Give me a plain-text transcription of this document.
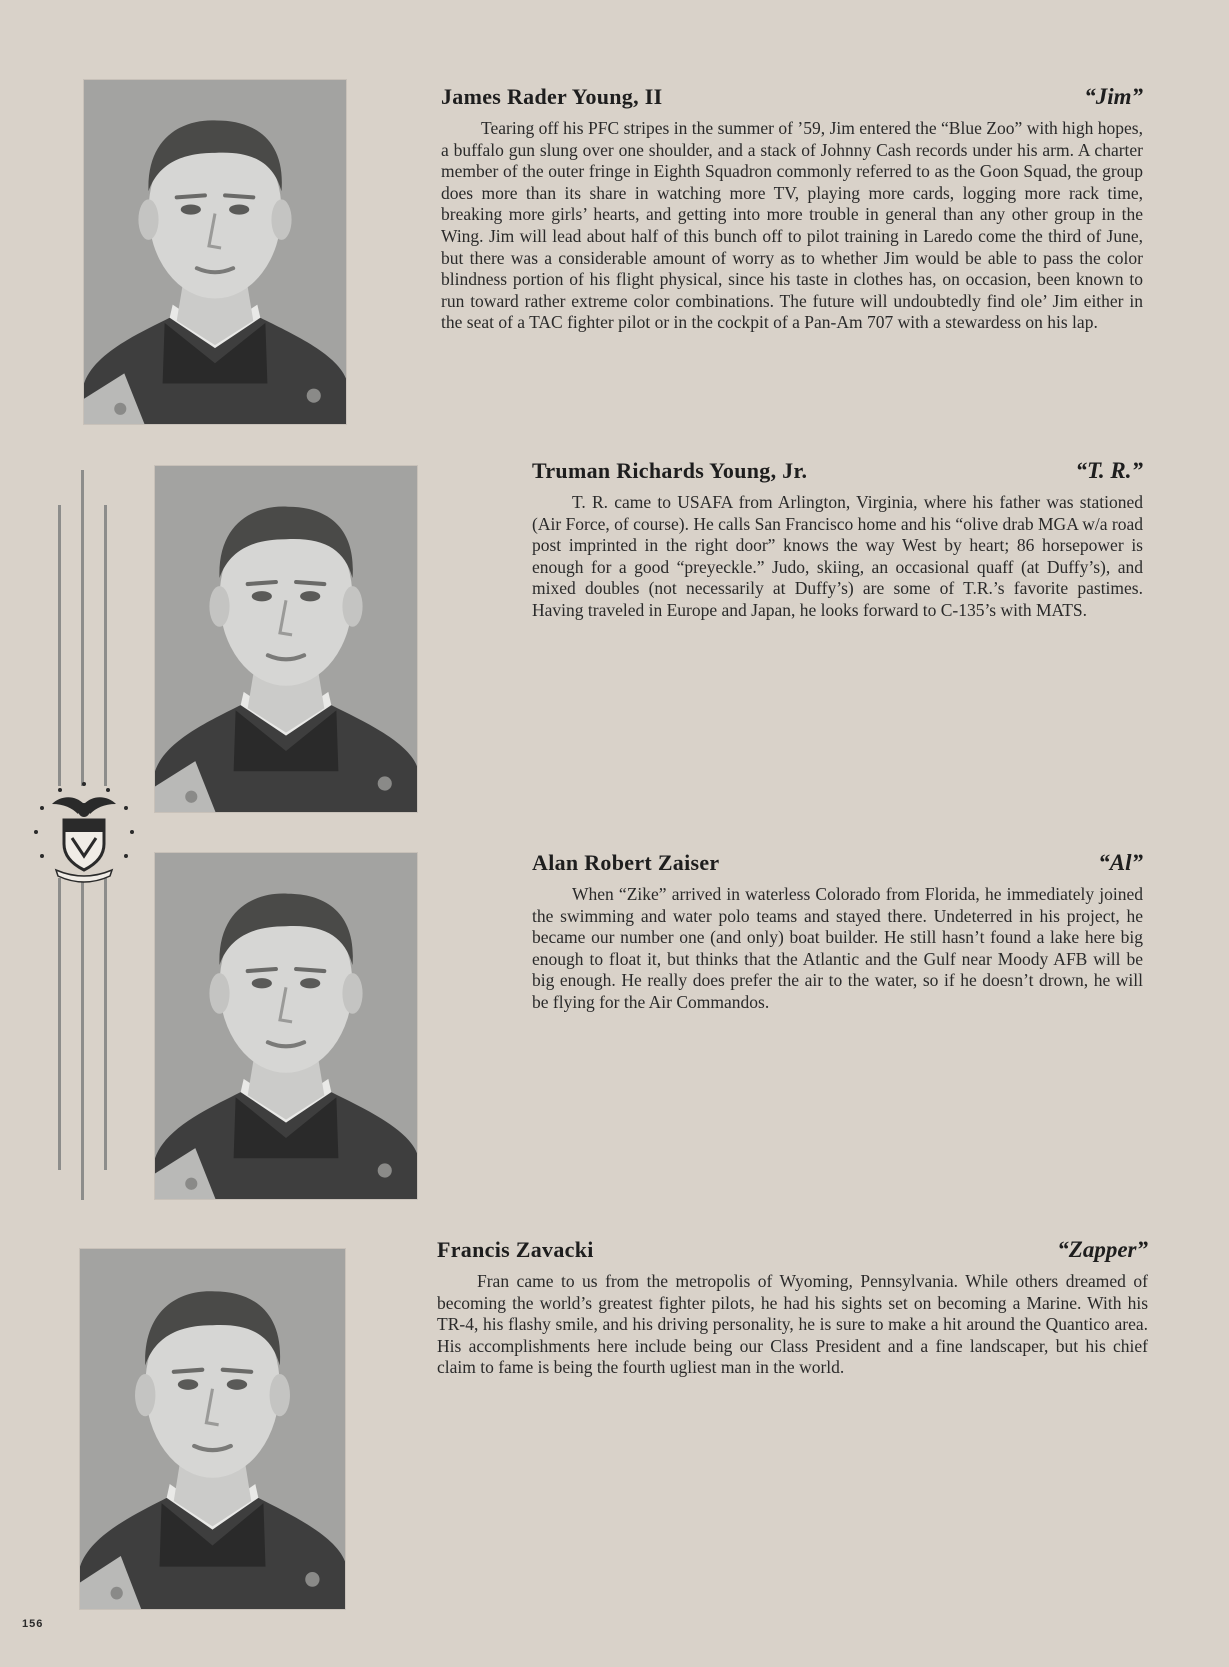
James Rader Young, II	“Jim”

Tearing off his PFC stripes in the summer of ’59, Jim entered the “Blue Zoo” with high hopes, a buffalo gun slung over one shoulder, and a stack of Johnny Cash records under his arm. A charter member of the outer fringe in Eighth Squadron commonly referred to as the Goon Squad, the group does more than its share in watching more TV, playing more cards, logging more rack time, breaking more girls’ hearts, and getting into more trouble in general than any other group in the Wing. Jim will lead about half of this bunch off to pilot training in Laredo come the third of June, but there was a considerable amount of worry as to whether Jim would be able to pass the color blindness portion of his flight physical, since his taste in clothes has, on occasion, been known to run toward rather extreme color combinations. The future will undoubtedly find ole’ Jim either in the seat of a TAC fighter pilot or in the cockpit of a Pan-Am 707 with a stewardess on his lap.

Truman Richards Young, Jr.	“T. R.”

T. R. came to USAFA from Arlington, Virginia, where his father was stationed (Air Force, of course). He calls San Francisco home and his “olive drab MGA w/a road post imprinted in the right door” knows the way West by heart; 86 horsepower is enough for a good “preyeckle.” Judo, skiing, an occasional quaff (at Duffy’s), and mixed doubles (not necessarily at Duffy’s) are some of T.R.’s favorite pastimes. Having traveled in Europe and Japan, he looks forward to C-135’s with MATS.

Alan Robert Zaiser	“Al”

When “Zike” arrived in waterless Colorado from Florida, he immediately joined the swimming and water polo teams and stayed there. Undeterred in his project, he became our number one (and only) boat builder. He still hasn’t found a lake here big enough to float it, but thinks that the Atlantic and the Gulf near Moody AFB will be big enough. He really does prefer the air to the water, so if he doesn’t drown, he will be flying for the Air Commandos.

Francis Zavacki	“Zapper”

Fran came to us from the metropolis of Wyoming, Pennsylvania. While others dreamed of becoming the world’s greatest fighter pilots, he had his sights set on becoming a Marine. With his TR-4, his flashy smile, and his driving personality, he is sure to make a hit around the Quantico area. His accomplishments here include being our Class President and a fine landscaper, but his chief claim to fame is being the fourth ugliest man in the world.

156
